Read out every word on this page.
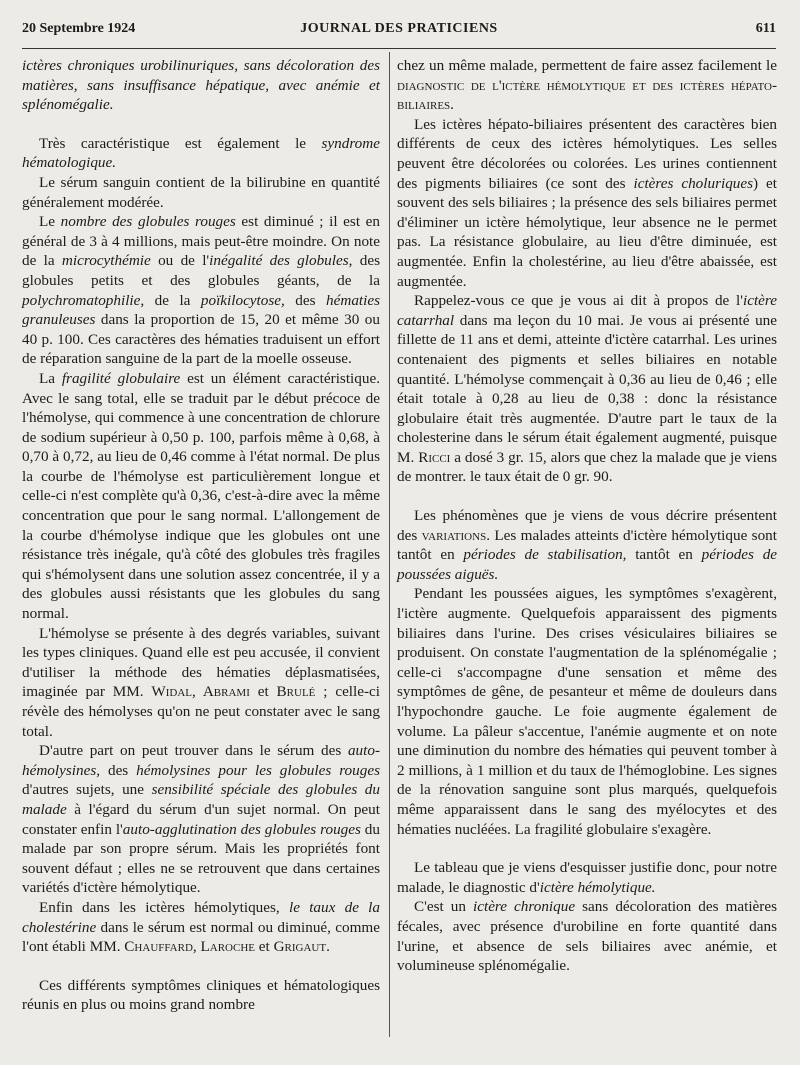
20 Septembre 1924	JOURNAL DES PRATICIENS	611

ictères chroniques urobilinuriques, sans décoloration des matières, sans insuffisance hépatique, avec anémie et splénomégalie.

Très caractéristique est également le syndrome hématologique.

Le sérum sanguin contient de la bilirubine en quantité généralement modérée.

Le nombre des globules rouges est diminué ; il est en général de 3 à 4 millions, mais peut-être moindre. On note de la microcythémie ou de l'inégalité des globules, des globules petits et des globules géants, de la polychromatophilie, de la poïkilocytose, des hématies granuleuses dans la proportion de 15, 20 et même 30 ou 40 p. 100. Ces caractères des hématies traduisent un effort de réparation sanguine de la part de la moelle osseuse.

La fragilité globulaire est un élément caractéristique. Avec le sang total, elle se traduit par le début précoce de l'hémolyse, qui commence à une concentration de chlorure de sodium supérieur à 0,50 p. 100, parfois même à 0,68, à 0,70 à 0,72, au lieu de 0,46 comme à l'état normal. De plus la courbe de l'hémolyse est particulièrement longue et celle-ci n'est complète qu'à 0,36, c'est-à-dire avec la même concentration que pour le sang normal. L'allongement de la courbe d'hémolyse indique que les globules ont une résistance très inégale, qu'à côté des globules très fragiles qui s'hémolysent dans une solution assez concentrée, il y a des globules aussi résistants que les globules du sang normal.

L'hémolyse se présente à des degrés variables, suivant les types cliniques. Quand elle est peu accusée, il convient d'utiliser la méthode des hématies déplasmatisées, imaginée par MM. Widal, Abrami et Brulé ; celle-ci révèle des hémolyses qu'on ne peut constater avec le sang total.

D'autre part on peut trouver dans le sérum des auto-hémolysines, des hémolysines pour les globules rouges d'autres sujets, une sensibilité spéciale des globules du malade à l'égard du sérum d'un sujet normal. On peut constater enfin l'auto-agglutination des globules rouges du malade par son propre sérum. Mais les propriétés font souvent défaut ; elles ne se retrouvent que dans certaines variétés d'ictère hémolytique.

Enfin dans les ictères hémolytiques, le taux de la cholestérine dans le sérum est normal ou diminué, comme l'ont établi MM. Chauffard, Laroche et Grigaut.

Ces différents symptômes cliniques et hématologiques réunis en plus ou moins grand nombre

chez un même malade, permettent de faire assez facilement le diagnostic de l'ictère hémolytique et des ictères hépato-biliaires.

Les ictères hépato-biliaires présentent des caractères bien différents de ceux des ictères hémolytiques. Les selles peuvent être décolorées ou colorées. Les urines contiennent des pigments biliaires (ce sont des ictères choluriques) et souvent des sels biliaires ; la présence des sels biliaires permet d'éliminer un ictère hémolytique, leur absence ne le permet pas. La résistance globulaire, au lieu d'être diminuée, est augmentée. Enfin la cholestérine, au lieu d'être abaissée, est augmentée.

Rappelez-vous ce que je vous ai dit à propos de l'ictère catarrhal dans ma leçon du 10 mai. Je vous ai présenté une fillette de 11 ans et demi, atteinte d'ictère catarrhal. Les urines contenaient des pigments et selles biliaires en notable quantité. L'hémolyse commençait à 0,36 au lieu de 0,46 ; elle était totale à 0,28 au lieu de 0,38 : donc la résistance globulaire était très augmentée. D'autre part le taux de la cholesterine dans le sérum était également augmenté, puisque M. Ricci a dosé 3 gr. 15, alors que chez la malade que je viens de montrer. le taux était de 0 gr. 90.

Les phénomènes que je viens de vous décrire présentent des variations. Les malades atteints d'ictère hémolytique sont tantôt en périodes de stabilisation, tantôt en périodes de poussées aiguës.

Pendant les poussées aigues, les symptômes s'exagèrent, l'ictère augmente. Quelquefois apparaissent des pigments biliaires dans l'urine. Des crises vésiculaires biliaires se produisent. On constate l'augmentation de la splénomégalie ; celle-ci s'accompagne d'une sensation et même des symptômes de gêne, de pesanteur et même de douleurs dans l'hypochondre gauche. Le foie augmente également de volume. La pâleur s'accentue, l'anémie augmente et on note une diminution du nombre des hématies qui peuvent tomber à 2 millions, à 1 million et du taux de l'hémoglobine. Les signes de la rénovation sanguine sont plus marqués, quelquefois même apparaissent dans le sang des myélocytes et des hématies nucléées. La fragilité globulaire s'exagère.

Le tableau que je viens d'esquisser justifie donc, pour notre malade, le diagnostic d'ictère hémolytique.

C'est un ictère chronique sans décoloration des matières fécales, avec présence d'urobiline en forte quantité dans l'urine, et absence de sels biliaires avec anémie, et volumineuse splénomégalie.
